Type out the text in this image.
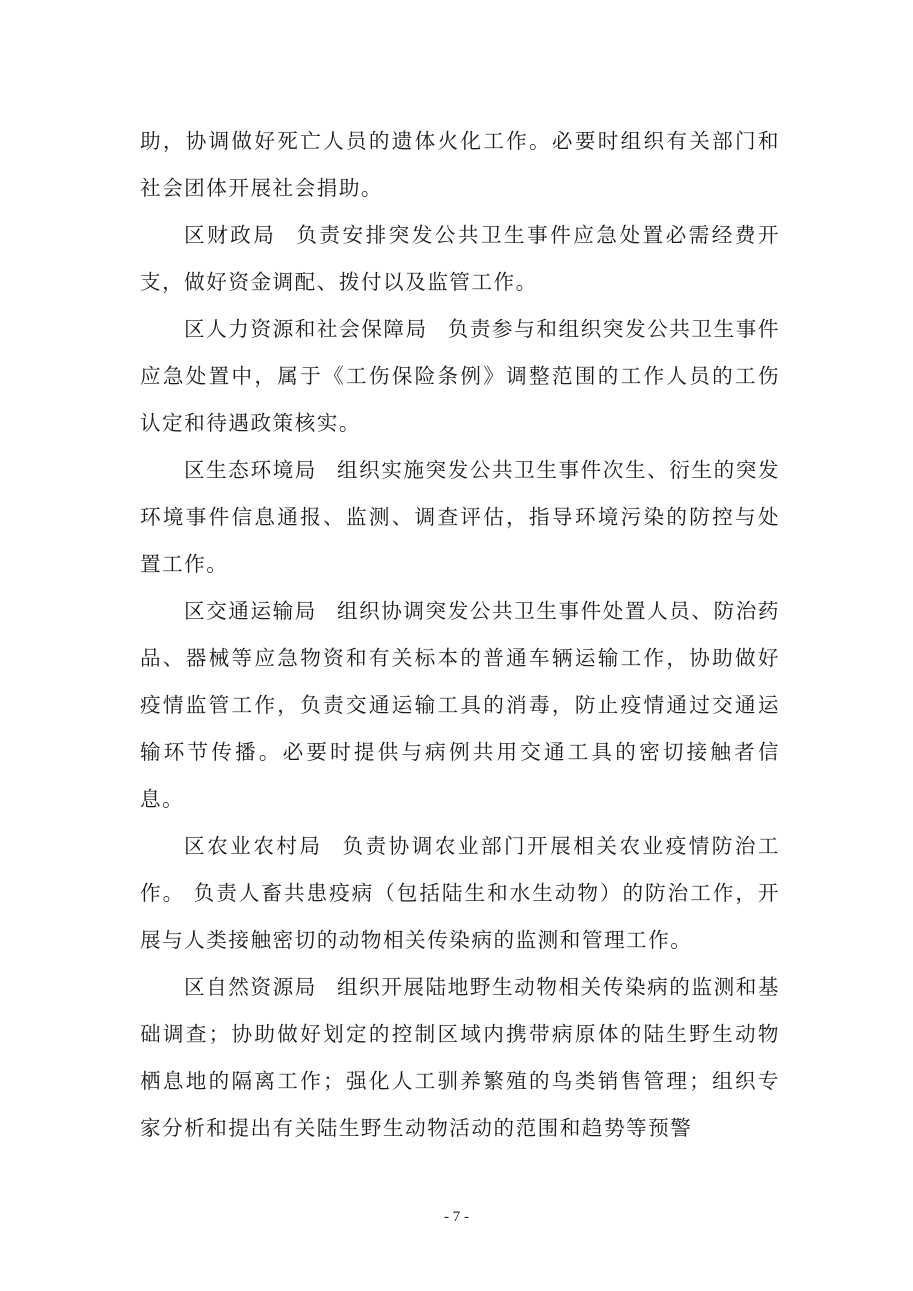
助，协调做好死亡人员的遗体火化工作。必要时组织有关部门和社会团体开展社会捐助。

区财政局 负责安排突发公共卫生事件应急处置必需经费开支，做好资金调配、拨付以及监管工作。

区人力资源和社会保障局 负责参与和组织突发公共卫生事件应急处置中，属于《工伤保险条例》调整范围的工作人员的工伤认定和待遇政策核实。

区生态环境局 组织实施突发公共卫生事件次生、衍生的突发环境事件信息通报、监测、调查评估，指导环境污染的防控与处置工作。

区交通运输局 组织协调突发公共卫生事件处置人员、防治药品、器械等应急物资和有关标本的普通车辆运输工作，协助做好疫情监管工作，负责交通运输工具的消毒，防止疫情通过交通运输环节传播。必要时提供与病例共用交通工具的密切接触者信息。

区农业农村局 负责协调农业部门开展相关农业疫情防治工作。 负责人畜共患疫病（包括陆生和水生动物）的防治工作，开展与人类接触密切的动物相关传染病的监测和管理工作。

区自然资源局 组织开展陆地野生动物相关传染病的监测和基础调查；协助做好划定的控制区域内携带病原体的陆生野生动物栖息地的隔离工作；强化人工驯养繁殖的鸟类销售管理；组织专家分析和提出有关陆生野生动物活动的范围和趋势等预警

- 7 -
